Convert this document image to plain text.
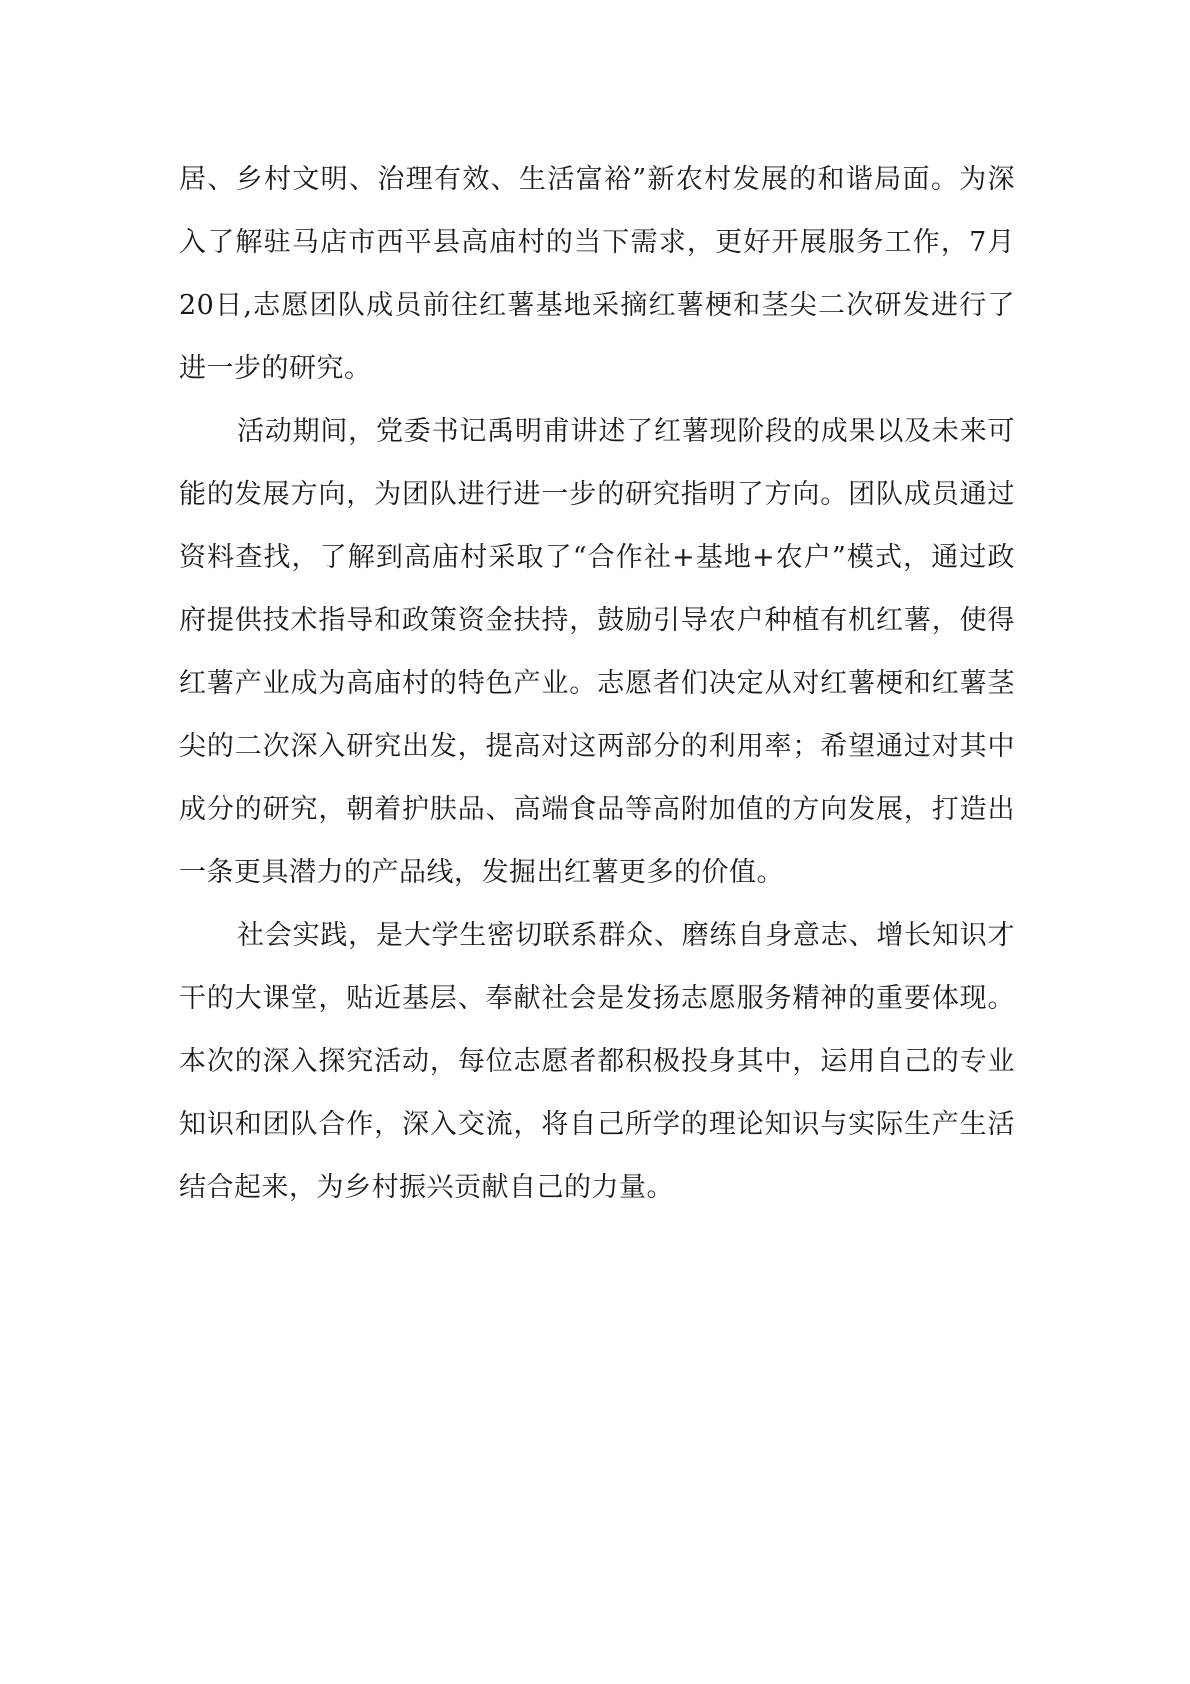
居、乡村文明、治理有效、生活富裕”新农村发展的和谐局面。为深
入了解驻马店市西平县高庙村的当下需求，更好开展服务工作，7月
20日,志愿团队成员前往红薯基地采摘红薯梗和茎尖二次研发进行了
进一步的研究。
活动期间，党委书记禹明甫讲述了红薯现阶段的成果以及未来可
能的发展方向，为团队进行进一步的研究指明了方向。团队成员通过
资料查找，了解到高庙村采取了“合作社+基地+农户”模式，通过政
府提供技术指导和政策资金扶持，鼓励引导农户种植有机红薯，使得
红薯产业成为高庙村的特色产业。志愿者们决定从对红薯梗和红薯茎
尖的二次深入研究出发，提高对这两部分的利用率；希望通过对其中
成分的研究，朝着护肤品、高端食品等高附加值的方向发展，打造出
一条更具潜力的产品线，发掘出红薯更多的价值。
社会实践，是大学生密切联系群众、磨练自身意志、增长知识才
干的大课堂，贴近基层、奉献社会是发扬志愿服务精神的重要体现。
本次的深入探究活动，每位志愿者都积极投身其中，运用自己的专业
知识和团队合作，深入交流，将自己所学的理论知识与实际生产生活
结合起来，为乡村振兴贡献自己的力量。
